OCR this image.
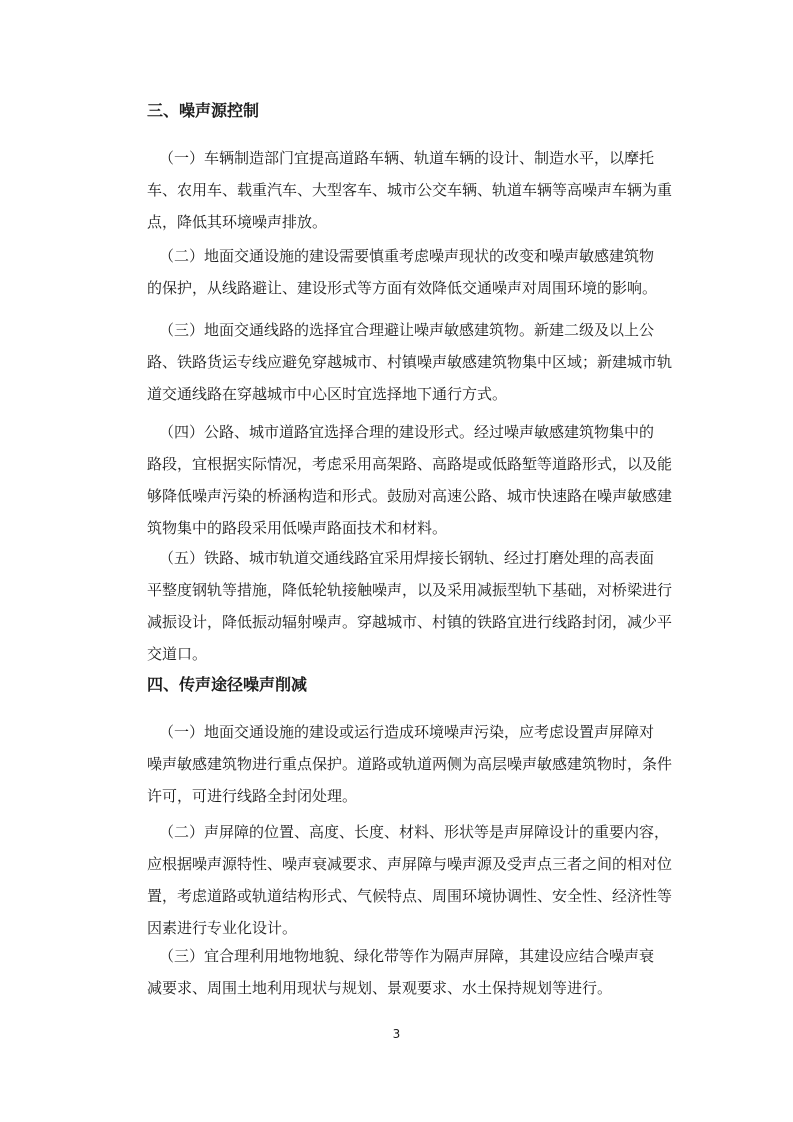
三、噪声源控制
（一）车辆制造部门宜提高道路车辆、轨道车辆的设计、制造水平，以摩托
车、农用车、载重汽车、大型客车、城市公交车辆、轨道车辆等高噪声车辆为重
点，降低其环境噪声排放。
（二）地面交通设施的建设需要慎重考虑噪声现状的改变和噪声敏感建筑物
的保护，从线路避让、建设形式等方面有效降低交通噪声对周围环境的影响。
（三）地面交通线路的选择宜合理避让噪声敏感建筑物。新建二级及以上公
路、铁路货运专线应避免穿越城市、村镇噪声敏感建筑物集中区域；新建城市轨
道交通线路在穿越城市中心区时宜选择地下通行方式。
（四）公路、城市道路宜选择合理的建设形式。经过噪声敏感建筑物集中的
路段，宜根据实际情况，考虑采用高架路、高路堤或低路堑等道路形式，以及能
够降低噪声污染的桥涵构造和形式。鼓励对高速公路、城市快速路在噪声敏感建
筑物集中的路段采用低噪声路面技术和材料。
（五）铁路、城市轨道交通线路宜采用焊接长钢轨、经过打磨处理的高表面
平整度钢轨等措施，降低轮轨接触噪声，以及采用减振型轨下基础，对桥梁进行
减振设计，降低振动辐射噪声。穿越城市、村镇的铁路宜进行线路封闭，减少平
交道口。
四、传声途径噪声削减
（一）地面交通设施的建设或运行造成环境噪声污染，应考虑设置声屏障对
噪声敏感建筑物进行重点保护。道路或轨道两侧为高层噪声敏感建筑物时，条件
许可，可进行线路全封闭处理。
（二）声屏障的位置、高度、长度、材料、形状等是声屏障设计的重要内容，
应根据噪声源特性、噪声衰减要求、声屏障与噪声源及受声点三者之间的相对位
置，考虑道路或轨道结构形式、气候特点、周围环境协调性、安全性、经济性等
因素进行专业化设计。
（三）宜合理利用地物地貌、绿化带等作为隔声屏障，其建设应结合噪声衰
减要求、周围土地利用现状与规划、景观要求、水土保持规划等进行。
3
